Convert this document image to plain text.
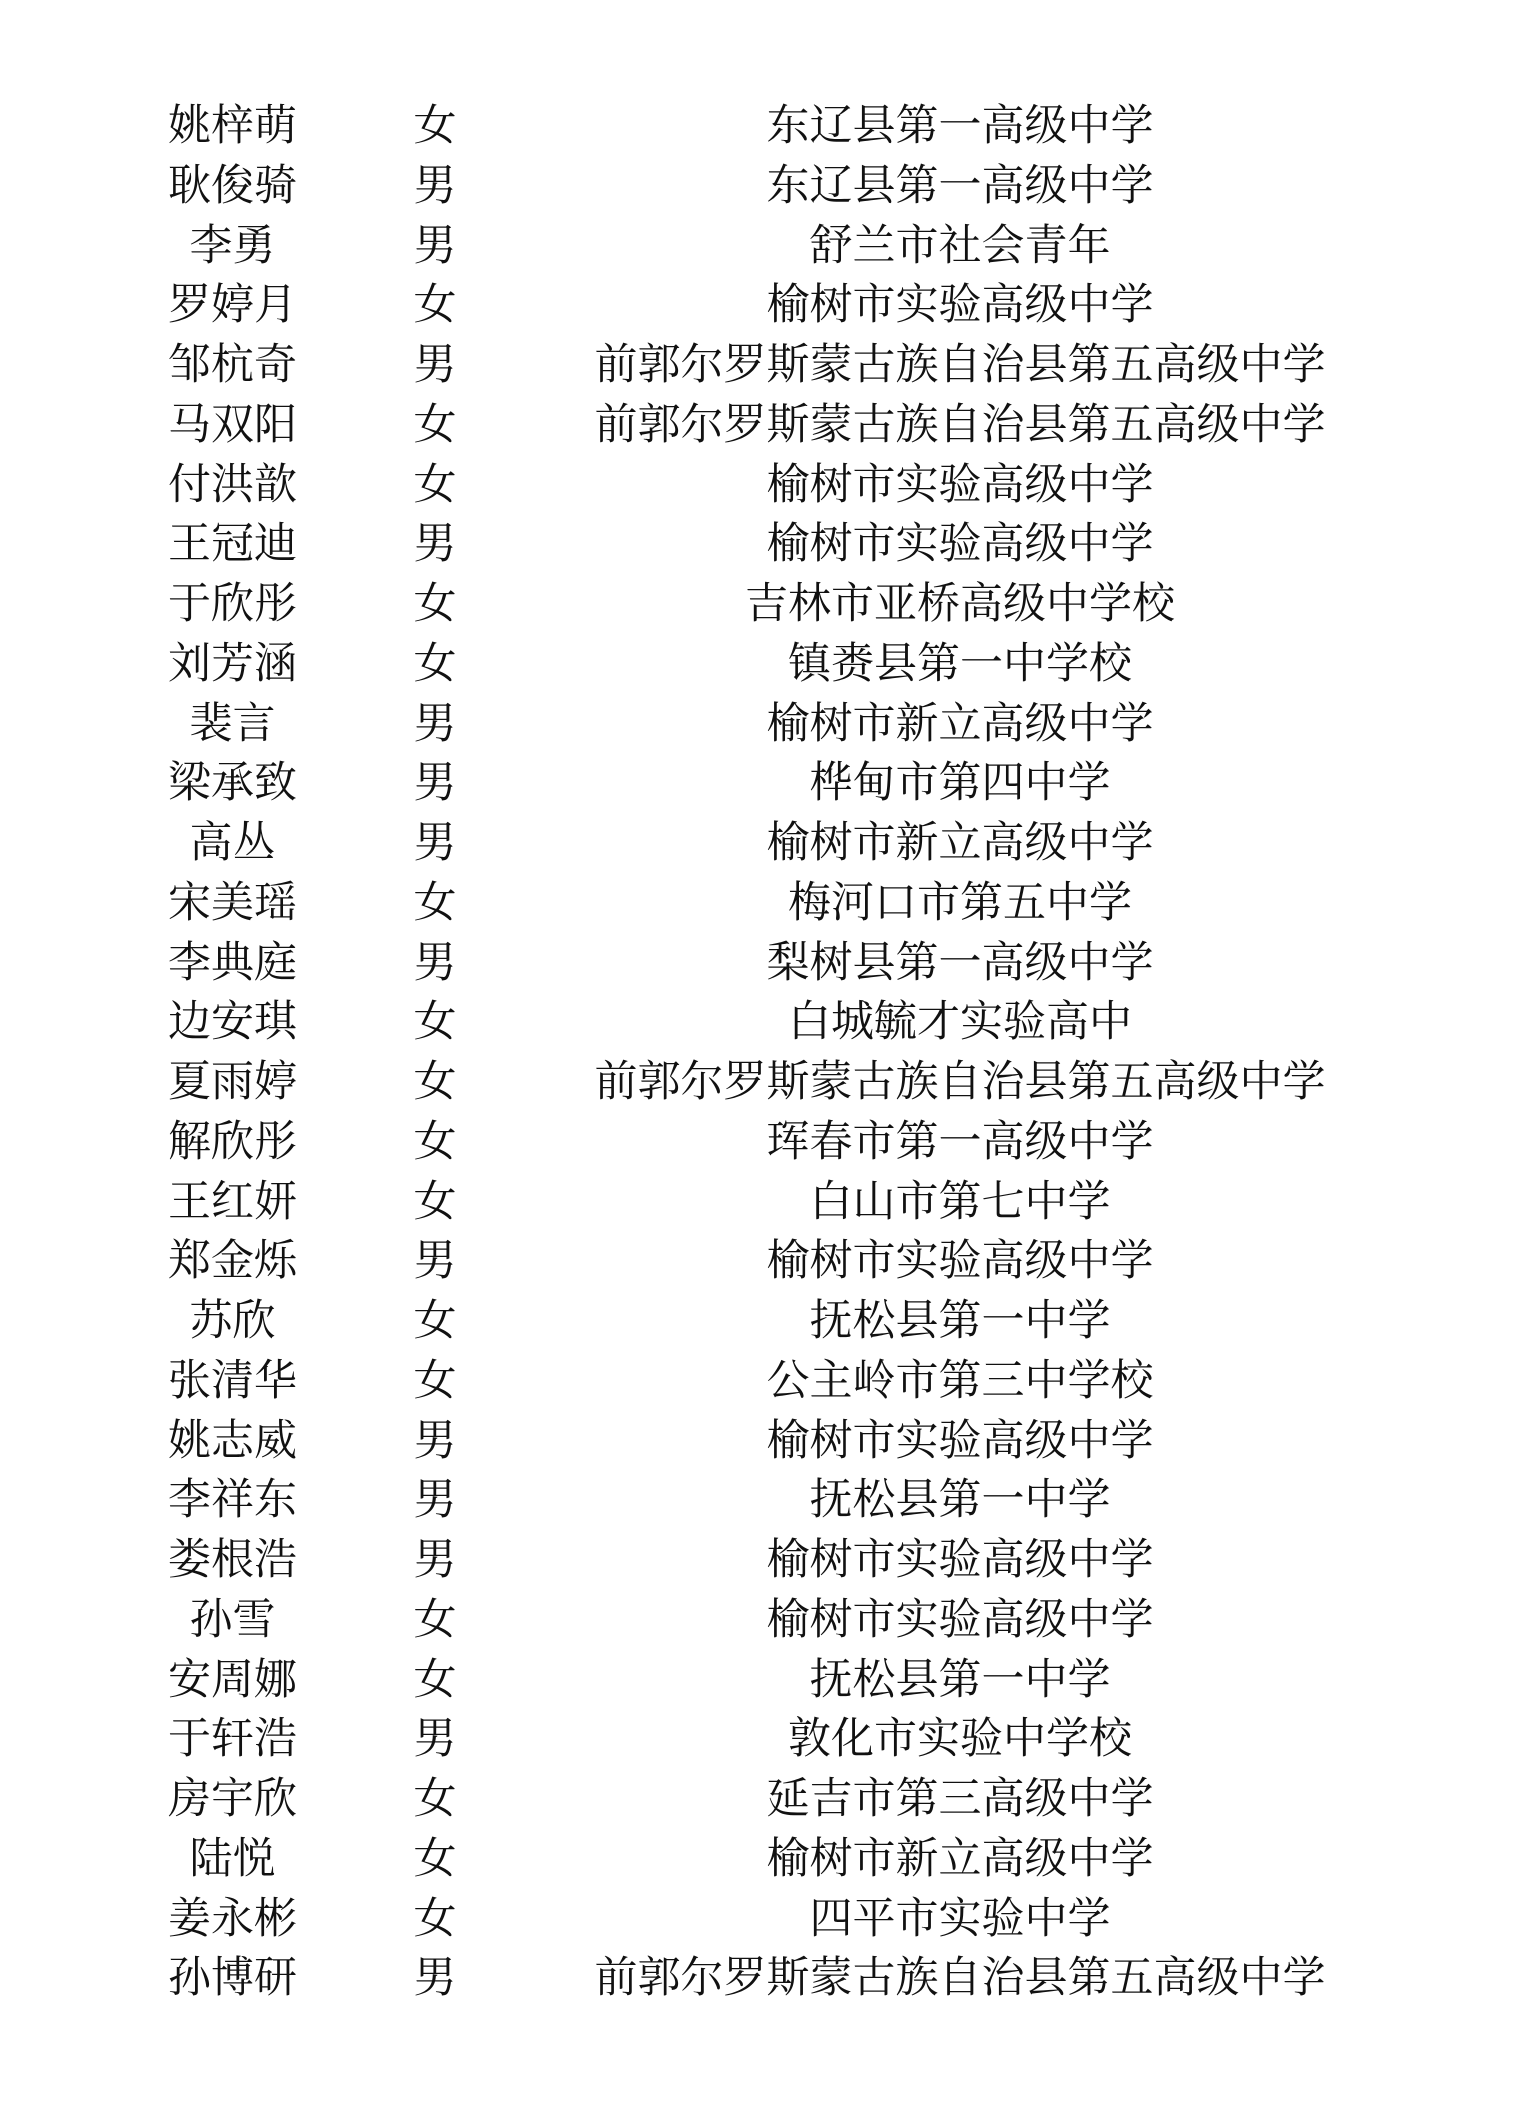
姚梓萌	女	东辽县第一高级中学
耿俊骑	男	东辽县第一高级中学
李勇	男	舒兰市社会青年
罗婷月	女	榆树市实验高级中学
邹杭奇	男	前郭尔罗斯蒙古族自治县第五高级中学
马双阳	女	前郭尔罗斯蒙古族自治县第五高级中学
付洪歆	女	榆树市实验高级中学
王冠迪	男	榆树市实验高级中学
于欣彤	女	吉林市亚桥高级中学校
刘芳涵	女	镇赉县第一中学校
裴言	男	榆树市新立高级中学
梁承致	男	桦甸市第四中学
高丛	男	榆树市新立高级中学
宋美瑶	女	梅河口市第五中学
李典庭	男	梨树县第一高级中学
边安琪	女	白城毓才实验高中
夏雨婷	女	前郭尔罗斯蒙古族自治县第五高级中学
解欣彤	女	珲春市第一高级中学
王红妍	女	白山市第七中学
郑金烁	男	榆树市实验高级中学
苏欣	女	抚松县第一中学
张清华	女	公主岭市第三中学校
姚志威	男	榆树市实验高级中学
李祥东	男	抚松县第一中学
娄根浩	男	榆树市实验高级中学
孙雪	女	榆树市实验高级中学
安周娜	女	抚松县第一中学
于轩浩	男	敦化市实验中学校
房宇欣	女	延吉市第三高级中学
陆悦	女	榆树市新立高级中学
姜永彬	女	四平市实验中学
孙博研	男	前郭尔罗斯蒙古族自治县第五高级中学
